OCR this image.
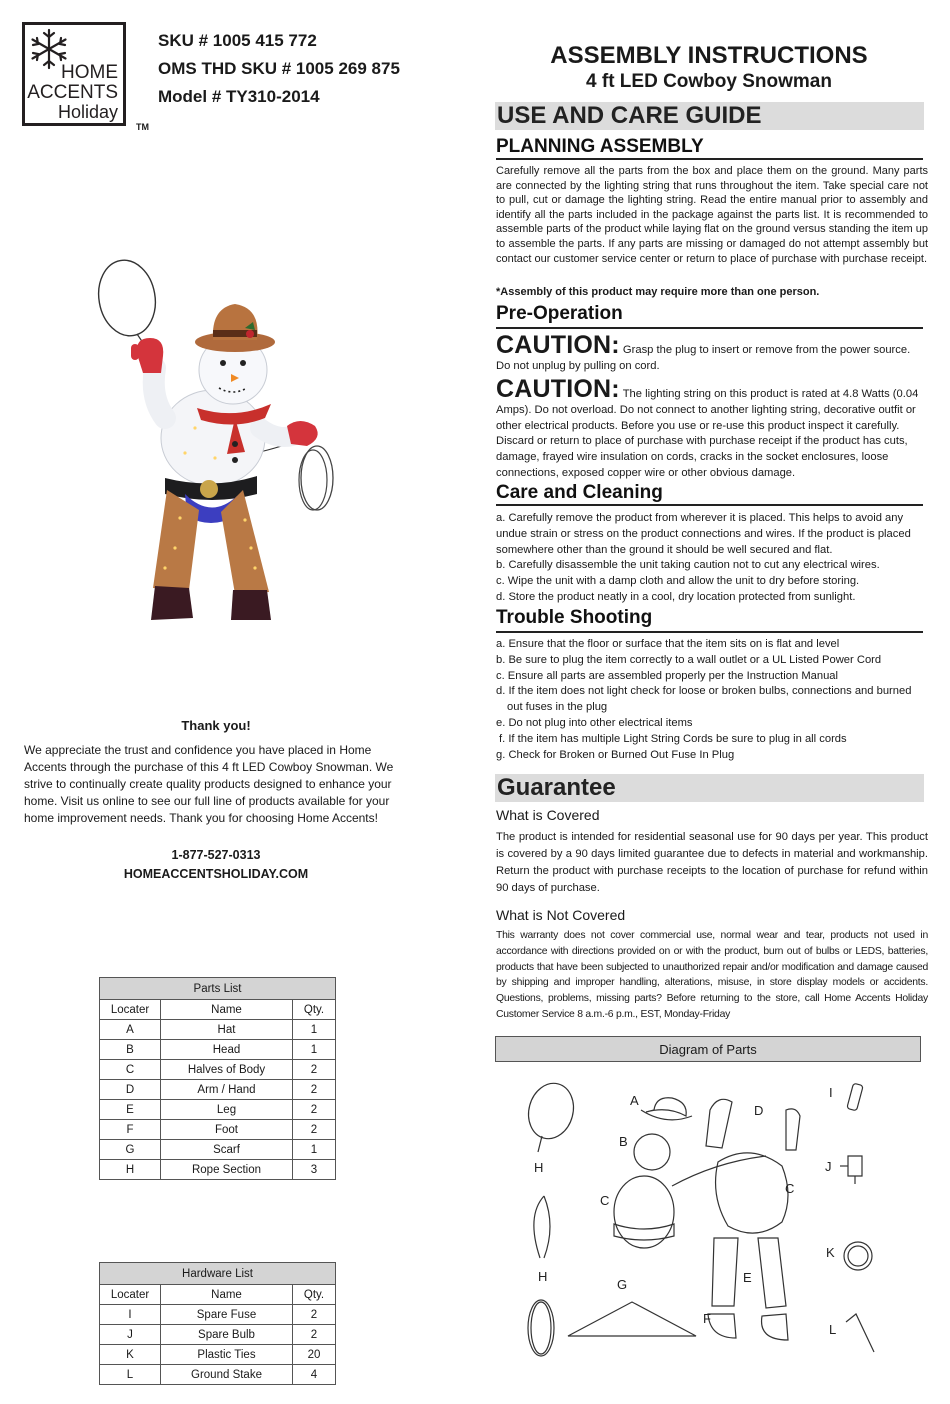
HOME
ACCENTS
Holiday
TM
SKU # 1005 415 772
OMS THD SKU # 1005 269 875
Model # TY310-2014
Thank you!
We appreciate the trust and confidence you have placed in Home Accents through the purchase of this 4 ft LED Cowboy Snowman. We strive to continually create quality products designed to enhance your home. Visit us online to see our full line of products available for your home improvement needs. Thank you for choosing Home Accents!
1-877-527-0313
HOMEACCENTSHOLIDAY.COM
Parts List		
Locater	Name	Qty.
A	Hat	1
B	Head	1
C	Halves of Body	2
D	Arm / Hand	2
E	Leg	2
F	Foot	2
G	Scarf	1
H	Rope Section	3
Hardware List		
Locater	Name	Qty.
I	Spare Fuse	2
J	Spare Bulb	2
K	Plastic Ties	20
L	Ground Stake	4
ASSEMBLY INSTRUCTIONS
4 ft LED Cowboy Snowman
USE AND CARE GUIDE
PLANNING ASSEMBLY
Carefully remove all the parts from the box and place them on the ground. Many parts are connected by the lighting string that runs throughout the item. Take special care not to pull, cut or damage the lighting string. Read the entire manual prior to assembly and identify all the parts included in the package against the parts list. It is recommended to assemble parts of the product while laying flat on the ground versus standing the item up to assemble the parts. If any parts are missing or damaged do not attempt assembly but contact our customer service center or return to place of purchase with purchase receipt.
*Assembly of this product may require more than one person.
Pre-Operation
CAUTION: Grasp the plug to insert or remove from the power source. Do not unplug by pulling on cord.
CAUTION: The lighting string on this product is rated at 4.8 Watts (0.04 Amps). Do not overload. Do not connect to another lighting string, decorative outfit or other electrical products. Before you use or re-use this product inspect it carefully. Discard or return to place of purchase with purchase receipt if the product has cuts, damage, frayed wire insulation on cords, cracks in the socket enclosures, loose connections, exposed copper wire or other obvious damage.
Care and Cleaning
a. Carefully remove the product from wherever it is placed. This helps to avoid any undue strain or stress on the product connections and wires. If the product is placed somewhere other than the ground it should be well secured and flat.
b. Carefully disassemble the unit taking caution not to cut any electrical wires.
c. Wipe the unit with a damp cloth and allow the unit to dry before storing.
d. Store the product neatly in a cool, dry location protected from sunlight.
Trouble Shooting
a. Ensure that the floor or surface that the item sits on is flat and level
b. Be sure to plug the item correctly to a wall outlet or a UL Listed Power Cord
c. Ensure all parts are assembled properly per the Instruction Manual
d. If the item does not light check for loose or broken bulbs, connections and burned
out fuses in the plug
e. Do not plug into other electrical items
f. If the item has multiple Light String Cords be sure to plug in all cords
g. Check for Broken or Burned Out Fuse In Plug
Guarantee
What is Covered
The product is intended for residential seasonal use for 90 days per year. This product is covered by a 90 days limited guarantee due to defects in material and workmanship. Return the product with purchase receipts to the location of purchase for refund within 90 days of purchase.
What is Not Covered
This warranty does not cover commercial use, normal wear and tear, products not used in accordance with directions provided on or with the product, burn out of bulbs or LEDS, batteries, products that have been subjected to unauthorized repair and/or modification and damage caused by shipping and improper handling, alterations, misuse, in store display models or accidents. Questions, problems, missing parts? Before returning to the store, call Home Accents Holiday Customer Service 8 a.m.-6 p.m., EST, Monday-Friday
Diagram of Parts
A
B
C
D
C
E
F
G
H
H
I
J
K
L
